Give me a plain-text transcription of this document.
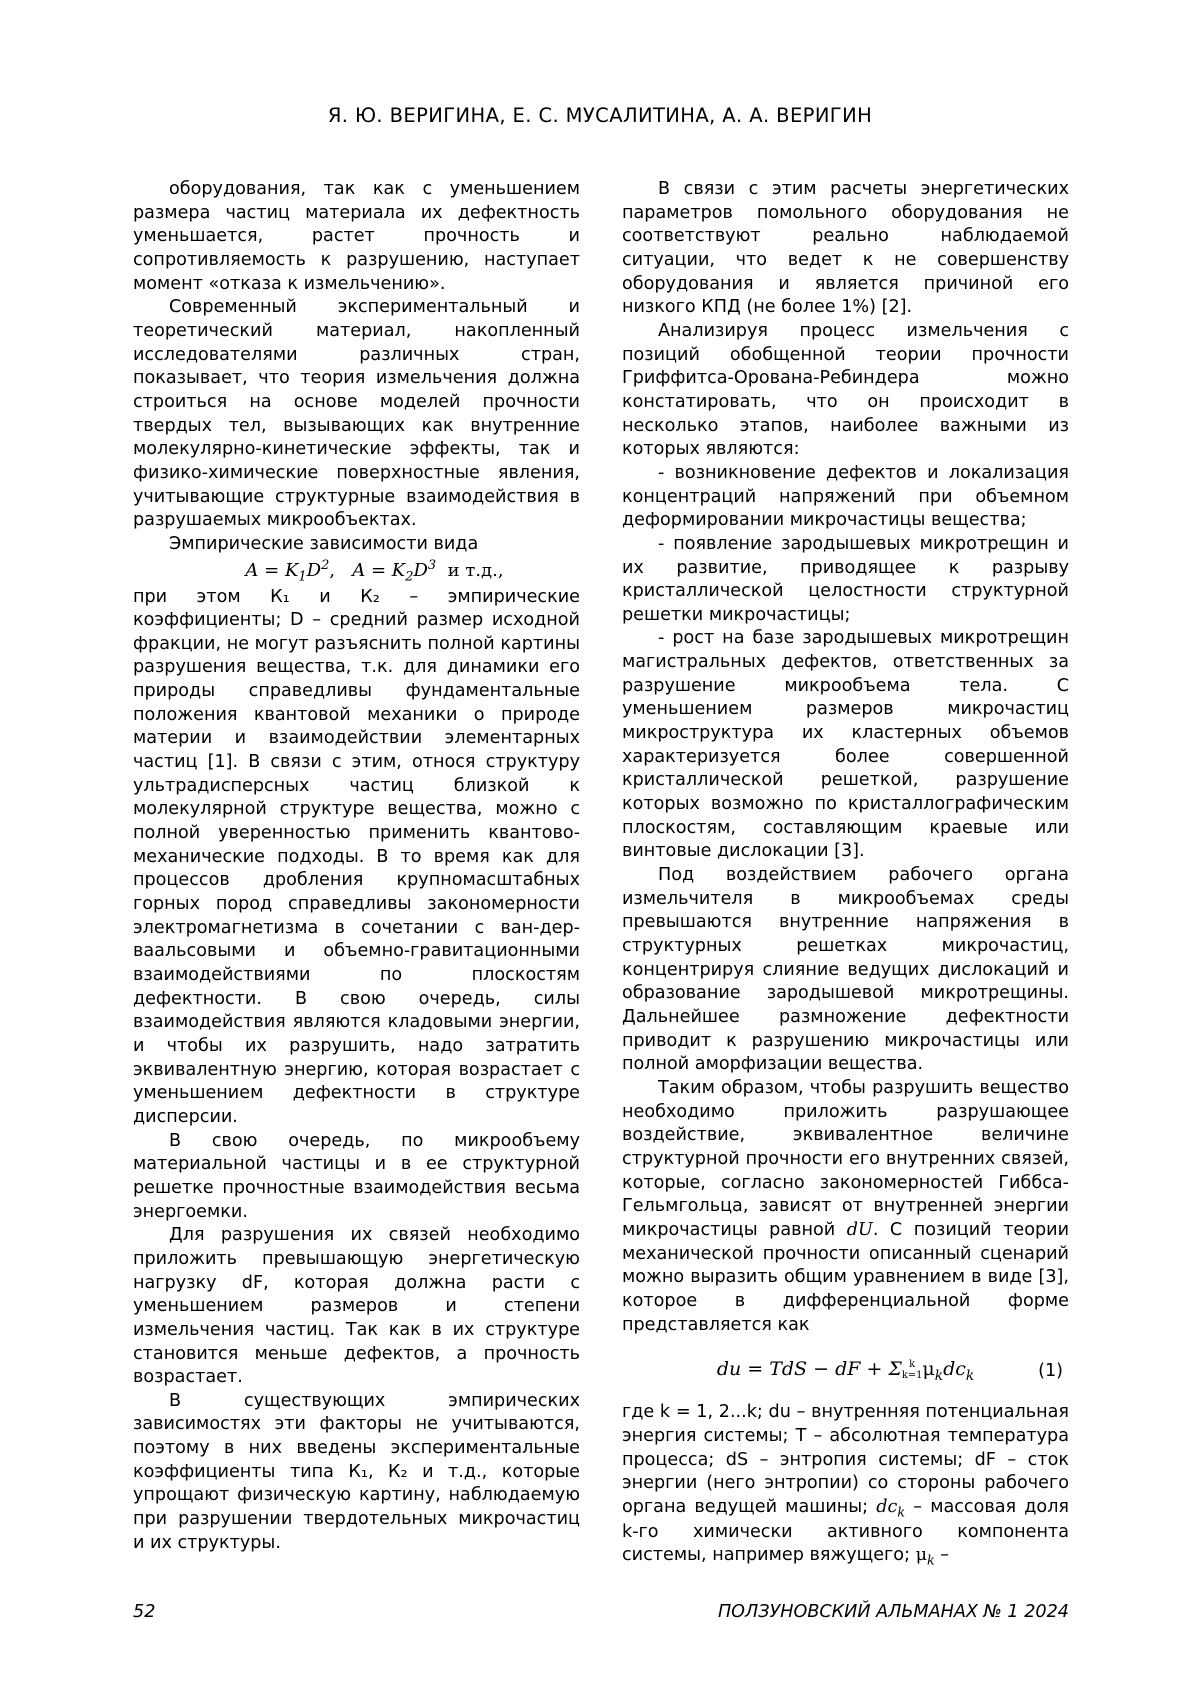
Я. Ю. ВЕРИГИНА, Е. С. МУСАЛИТИНА, А. А. ВЕРИГИН

оборудования, так как с уменьшением размера частиц материала их дефектность уменьшается, растет прочность и сопротивляемость к разрушению, наступает момент «отказа к измельчению».

Современный экспериментальный и теоретический материал, накопленный исследователями различных стран, показывает, что теория измельчения должна строиться на основе моделей прочности твердых тел, вызывающих как внутренние молекулярно-кинетические эффекты, так и физико-химические поверхностные явления, учитывающие структурные взаимодействия в разрушаемых микрообъектах.

Эмпирические зависимости вида

$A = K_1D^2$, $A = K_2D^3$ и т.д.,

при этом К₁ и К₂ – эмпирические коэффициенты; D – средний размер исходной фракции, не могут разъяснить полной картины разрушения вещества, т.к. для динамики его природы справедливы фундаментальные положения квантовой механики о природе материи и взаимодействии элементарных частиц [1]. В связи с этим, относя структуру ультрадисперсных частиц близкой к молекулярной структуре вещества, можно с полной уверенностью применить квантово-механические подходы. В то время как для процессов дробления крупномасштабных горных пород справедливы закономерности электромагнетизма в сочетании с ван-дер-ваальсовыми и объемно-гравитационными взаимодействиями по плоскостям дефектности. В свою очередь, силы взаимодействия являются кладовыми энергии, и чтобы их разрушить, надо затратить эквивалентную энергию, которая возрастает с уменьшением дефектности в структуре дисперсии.

В свою очередь, по микрообъему материальной частицы и в ее структурной решетке прочностные взаимодействия весьма энергоемки.

Для разрушения их связей необходимо приложить превышающую энергетическую нагрузку dF, которая должна расти с уменьшением размеров и степени измельчения частиц. Так как в их структуре становится меньше дефектов, а прочность возрастает.

В существующих эмпирических зависимостях эти факторы не учитываются, поэтому в них введены экспериментальные коэффициенты типа К₁, К₂ и т.д., которые упрощают физическую картину, наблюдаемую при разрушении твердотельных микрочастиц и их структуры.

В связи с этим расчеты энергетических параметров помольного оборудования не соответствуют реально наблюдаемой ситуации, что ведет к не совершенству оборудования и является причиной его низкого КПД (не более 1%) [2].

Анализируя процесс измельчения с позиций обобщенной теории прочности Гриффитса-Орована-Ребиндера можно констатировать, что он происходит в несколько этапов, наиболее важными из которых являются:

- возникновение дефектов и локализация концентраций напряжений при объемном деформировании микрочастицы вещества;

- появление зародышевых микротрещин и их развитие, приводящее к разрыву кристаллической целостности структурной решетки микрочастицы;

- рост на базе зародышевых микротрещин магистральных дефектов, ответственных за разрушение микрообъема тела. С уменьшением размеров микрочастиц микроструктура их кластерных объемов характеризуется более совершенной кристаллической решеткой, разрушение которых возможно по кристаллографическим плоскостям, составляющим краевые или винтовые дислокации [3].

Под воздействием рабочего органа измельчителя в микрообъемах среды превышаются внутренние напряжения в структурных решетках микрочастиц, концентрируя слияние ведущих дислокаций и образование зародышевой микротрещины. Дальнейшее размножение дефектности приводит к разрушению микрочастицы или полной аморфизации вещества.

Таким образом, чтобы разрушить вещество необходимо приложить разрушающее воздействие, эквивалентное величине структурной прочности его внутренних связей, которые, согласно закономерностей Гиббса-Гельмгольца, зависят от внутренней энергии микрочастицы равной dU. С позиций теории механической прочности описанный сценарий можно выразить общим уравнением в виде [3], которое в дифференциальной форме представляется как

du = TdS − dF + Σ k
k=1 $\mu_kdc_k$	(1)

где k = 1, 2...k; du – внутренняя потенциальная энергия системы; Т – абсолютная температура процесса; dS – энтропия системы; dF – сток энергии (него энтропии) со стороны рабочего органа ведущей машины; $dc_k$ – массовая доля k-го химически активного компонента системы, например вяжущего; $\mu_k$ –

52	ПОЛЗУНОВСКИЙ АЛЬМАНАХ № 1 2024
